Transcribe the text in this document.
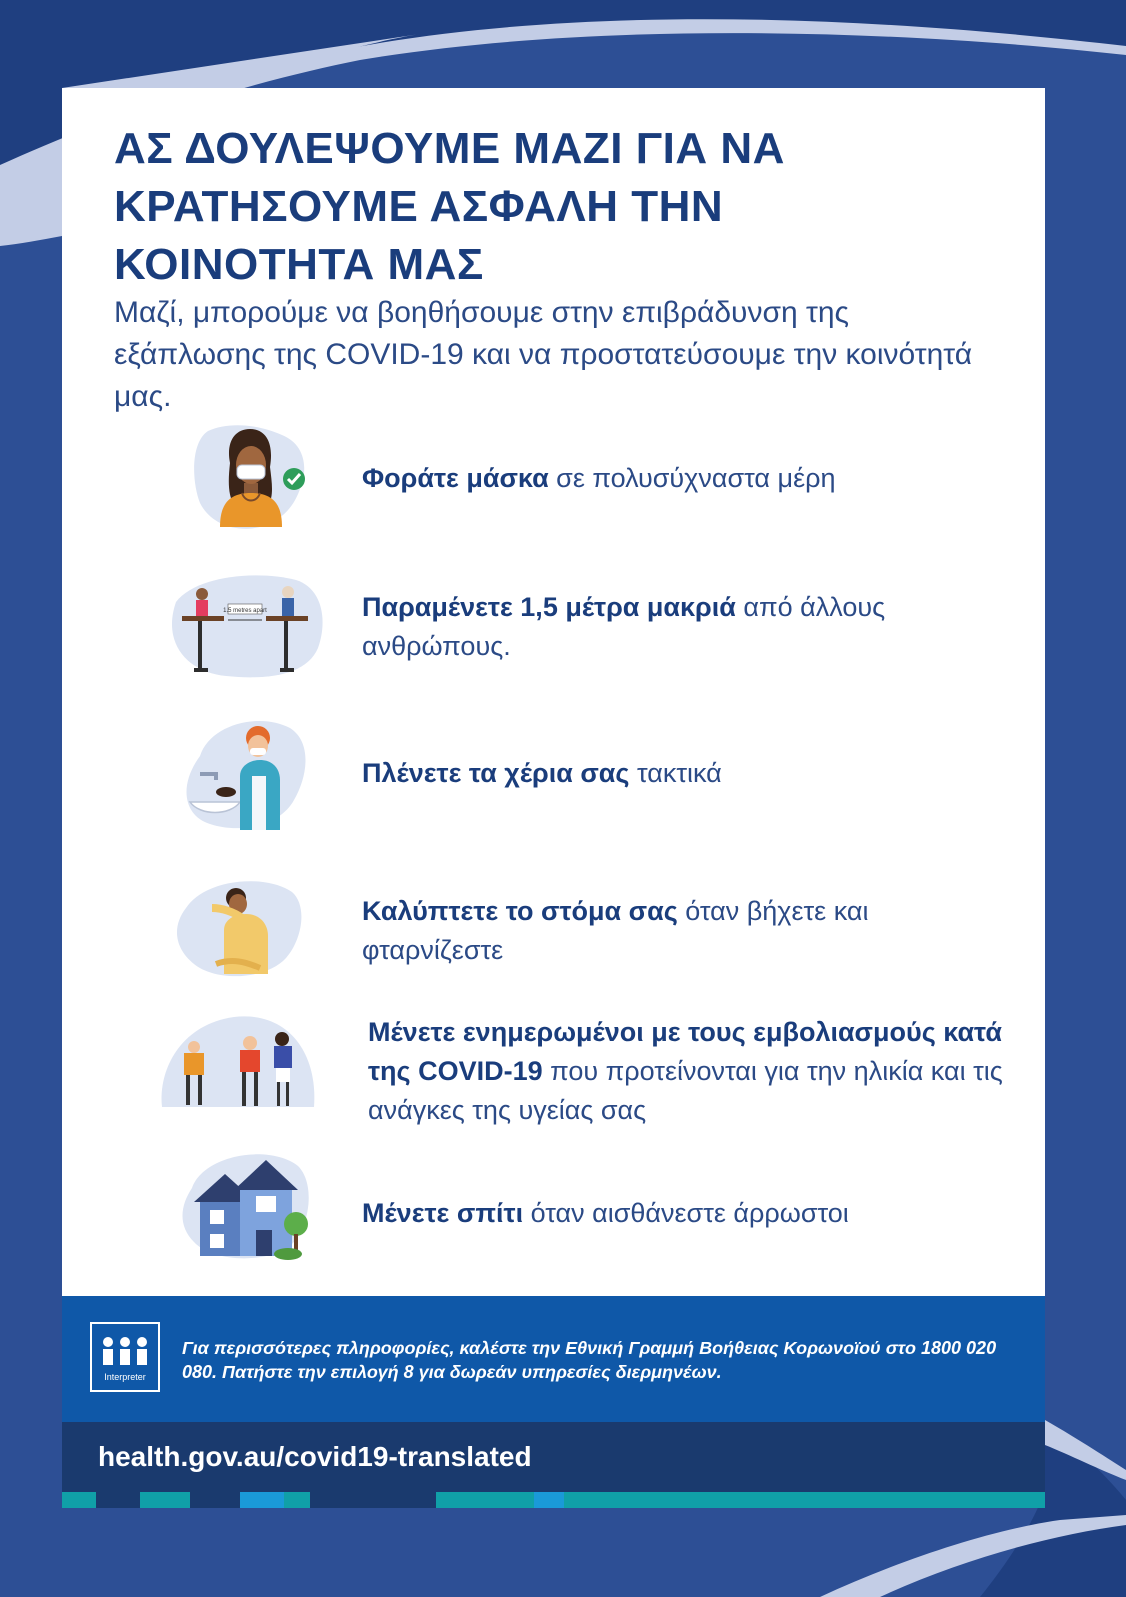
ΑΣ ΔΟΥΛΕΨΟΥΜΕ ΜΑΖΙ ΓΙΑ ΝΑ ΚΡΑΤΗΣΟΥΜΕ ΑΣΦΑΛΗ ΤΗΝ ΚΟΙΝΟΤΗΤΑ ΜΑΣ

Μαζί, μπορούμε να βοηθήσουμε στην επιβράδυνση της εξάπλωσης της COVID-19 και να προστατεύσουμε την κοινότητά μας.

Φοράτε μάσκα σε πολυσύχναστα μέρη
1.5 metres apart	Παραμένετε 1,5 μέτρα μακριά από άλλους ανθρώπους.
Πλένετε τα χέρια σας τακτικά
Καλύπτετε το στόμα σας όταν βήχετε και φταρνίζεστε
Μένετε ενημερωμένοι με τους εμβολιασμούς κατά της COVID-19 που προτείνονται για την ηλικία και τις ανάγκες της υγείας σας
Μένετε σπίτι όταν αισθάνεστε άρρωστοι
Interpreter
Για περισσότερες πληροφορίες, καλέστε την Εθνική Γραμμή Βοήθειας Κορωνοϊού στο 1800 020 080. Πατήστε την επιλογή 8 για δωρεάν υπηρεσίες διερμηνέων.
health.gov.au/covid19-translated
